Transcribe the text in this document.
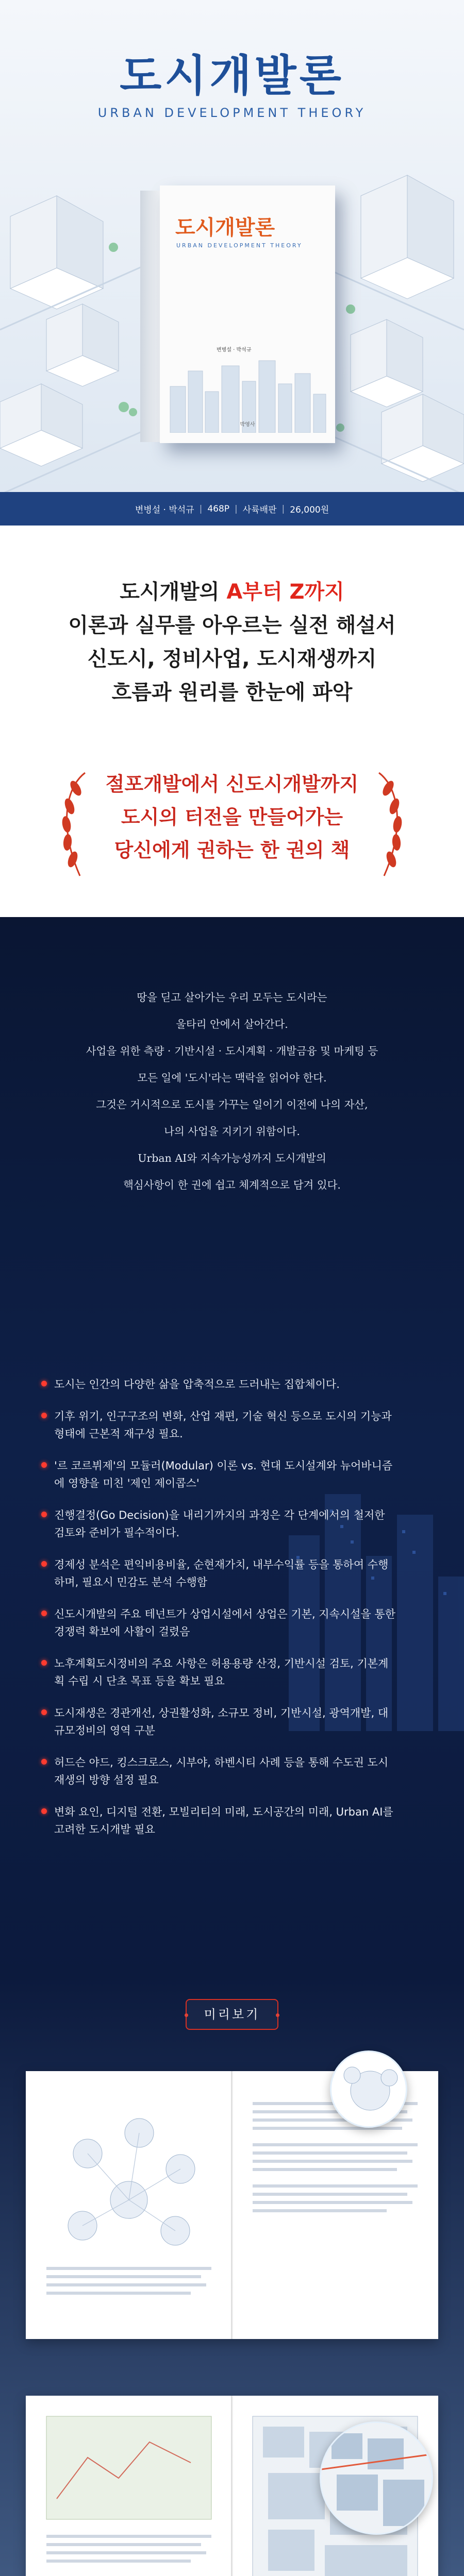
도시개발론
URBAN DEVELOPMENT THEORY
도시개발론
URBAN DEVELOPMENT THEORY
변병설 · 박석규
박영사
변병설 · 박석규 | 468P | 사륙배판 | 26,000원
도시개발의 A부터 Z까지
이론과 실무를 아우르는 실전 해설서
신도시, 정비사업, 도시재생까지
흐름과 원리를 한눈에 파악
절포개발에서 신도시개발까지
도시의 터전을 만들어가는
당신에게 권하는 한 권의 책
땅을 딛고 살아가는 우리 모두는 도시라는
울타리 안에서 살아간다.
사업을 위한 측량 · 기반시설 · 도시계획 · 개발금융 및 마케팅 등
모든 일에 '도시'라는 맥락을 읽어야 한다.
그것은 거시적으로 도시를 가꾸는 일이기 이전에 나의 자산,
나의 사업을 지키기 위함이다.
Urban AI와 지속가능성까지 도시개발의
핵심사항이 한 권에 쉽고 체계적으로 담겨 있다.
도시는 인간의 다양한 삶을 압축적으로 드러내는 집합체이다.
기후 위기, 인구구조의 변화, 산업 재편, 기술 혁신 등으로 도시의 기능과 형태에 근본적 재구성 필요.
'르 코르뷔제'의 모듈러(Modular) 이론 vs. 현대 도시설계와 뉴어바니즘에 영향을 미친 '제인 제이콥스'
진행결정(Go Decision)을 내리기까지의 과정은 각 단계에서의 철저한 검토와 준비가 필수적이다.
경제성 분석은 편익비용비율, 순현재가치, 내부수익률 등을 통하여 수행하며, 필요시 민감도 분석 수행함
신도시개발의 주요 테넌트가 상업시설에서 상업은 기본, 지속시설을 통한 경쟁력 확보에 사활이 걸렸음
노후계획도시정비의 주요 사항은 허용용량 산정, 기반시설 검토, 기본계획 수립 시 단초 목표 등을 확보 필요
도시재생은 경관개선, 상권활성화, 소규모 정비, 기반시설, 광역개발, 대규모정비의 영역 구분
허드슨 야드, 킹스크로스, 시부야, 하벤시티 사례 등을 통해 수도권 도시재생의 방향 설정 필요
변화 요인, 디지털 전환, 모빌리티의 미래, 도시공간의 미래, Urban AI를 고려한 도시개발 필요
미리보기
